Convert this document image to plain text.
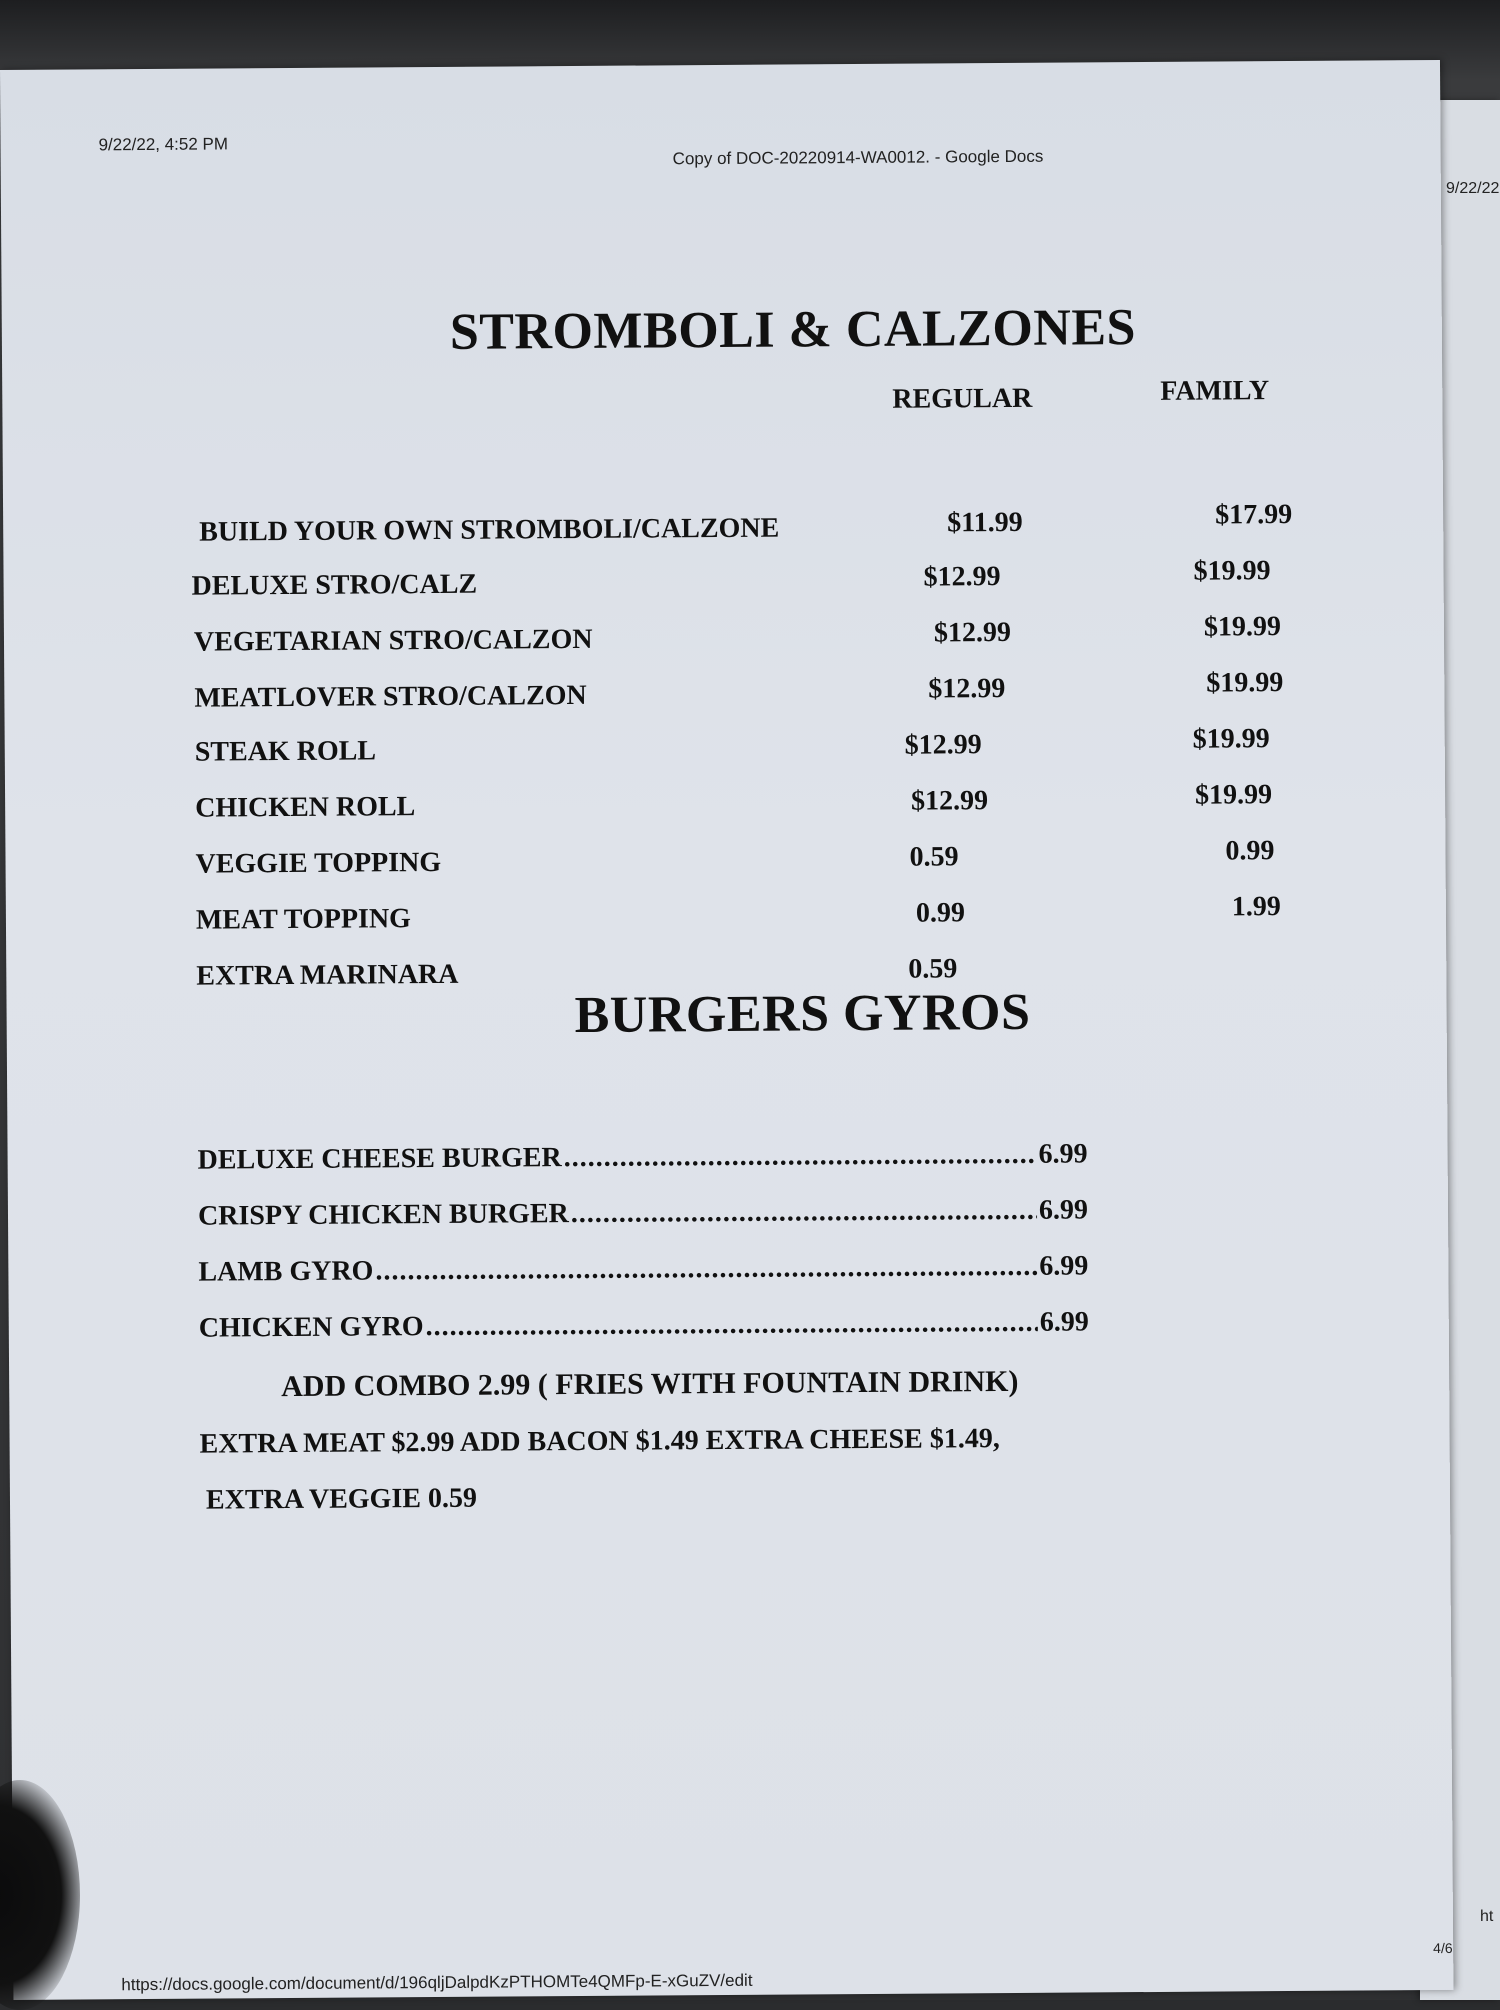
9/22/22
ht
9/22/22, 4:52 PM
Copy of DOC-20220914-WA0012. - Google Docs
STROMBOLI & CALZONES
REGULAR	FAMILY
BUILD YOUR OWN STROMBOLI/CALZONE	$11.99	$17.99
DELUXE STRO/CALZ	$12.99	$19.99
VEGETARIAN STRO/CALZON	$12.99	$19.99
MEATLOVER STRO/CALZON	$12.99	$19.99
STEAK ROLL	$12.99	$19.99
CHICKEN ROLL	$12.99	$19.99
VEGGIE TOPPING	0.59	0.99
MEAT TOPPING	0.99	1.99
EXTRA MARINARA	0.59
BURGERS GYROS
DELUXE CHEESE BURGER .....	6.99
CRISPY CHICKEN BURGER .....	6.99
LAMB GYRO .....	6.99
CHICKEN GYRO .....	6.99
ADD COMBO 2.99 ( FRIES WITH FOUNTAIN DRINK)
EXTRA MEAT $2.99 ADD BACON $1.49 EXTRA CHEESE $1.49,
EXTRA VEGGIE 0.59
4/6
https://docs.google.com/document/d/196qljDalpdKzPTHOMTe4QMFp-E-xGuZV/edit
